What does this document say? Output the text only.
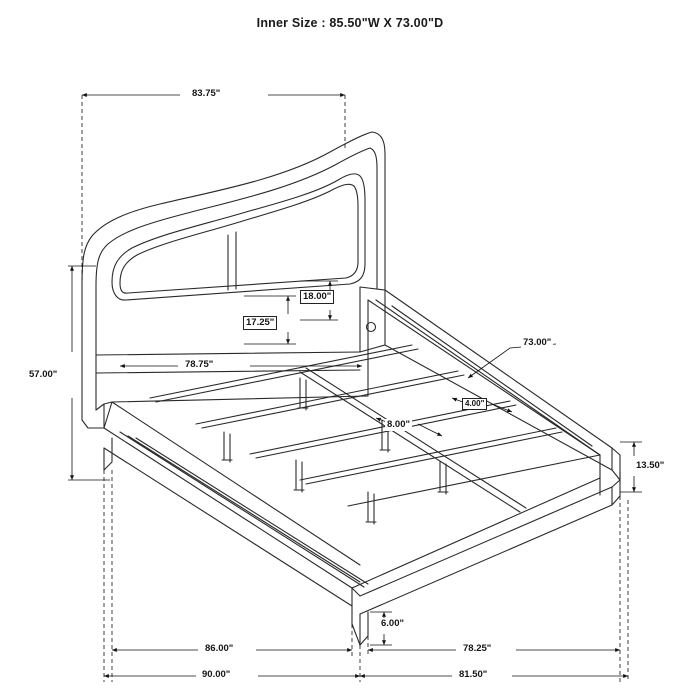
Inner Size : 85.50"W X 73.00"D
83.75"
18.00"
17.25"
78.75"
57.00"
73.00"
4.00"
8.00"
13.50"
6.00"
86.00"	78.25"
90.00"	81.50"
